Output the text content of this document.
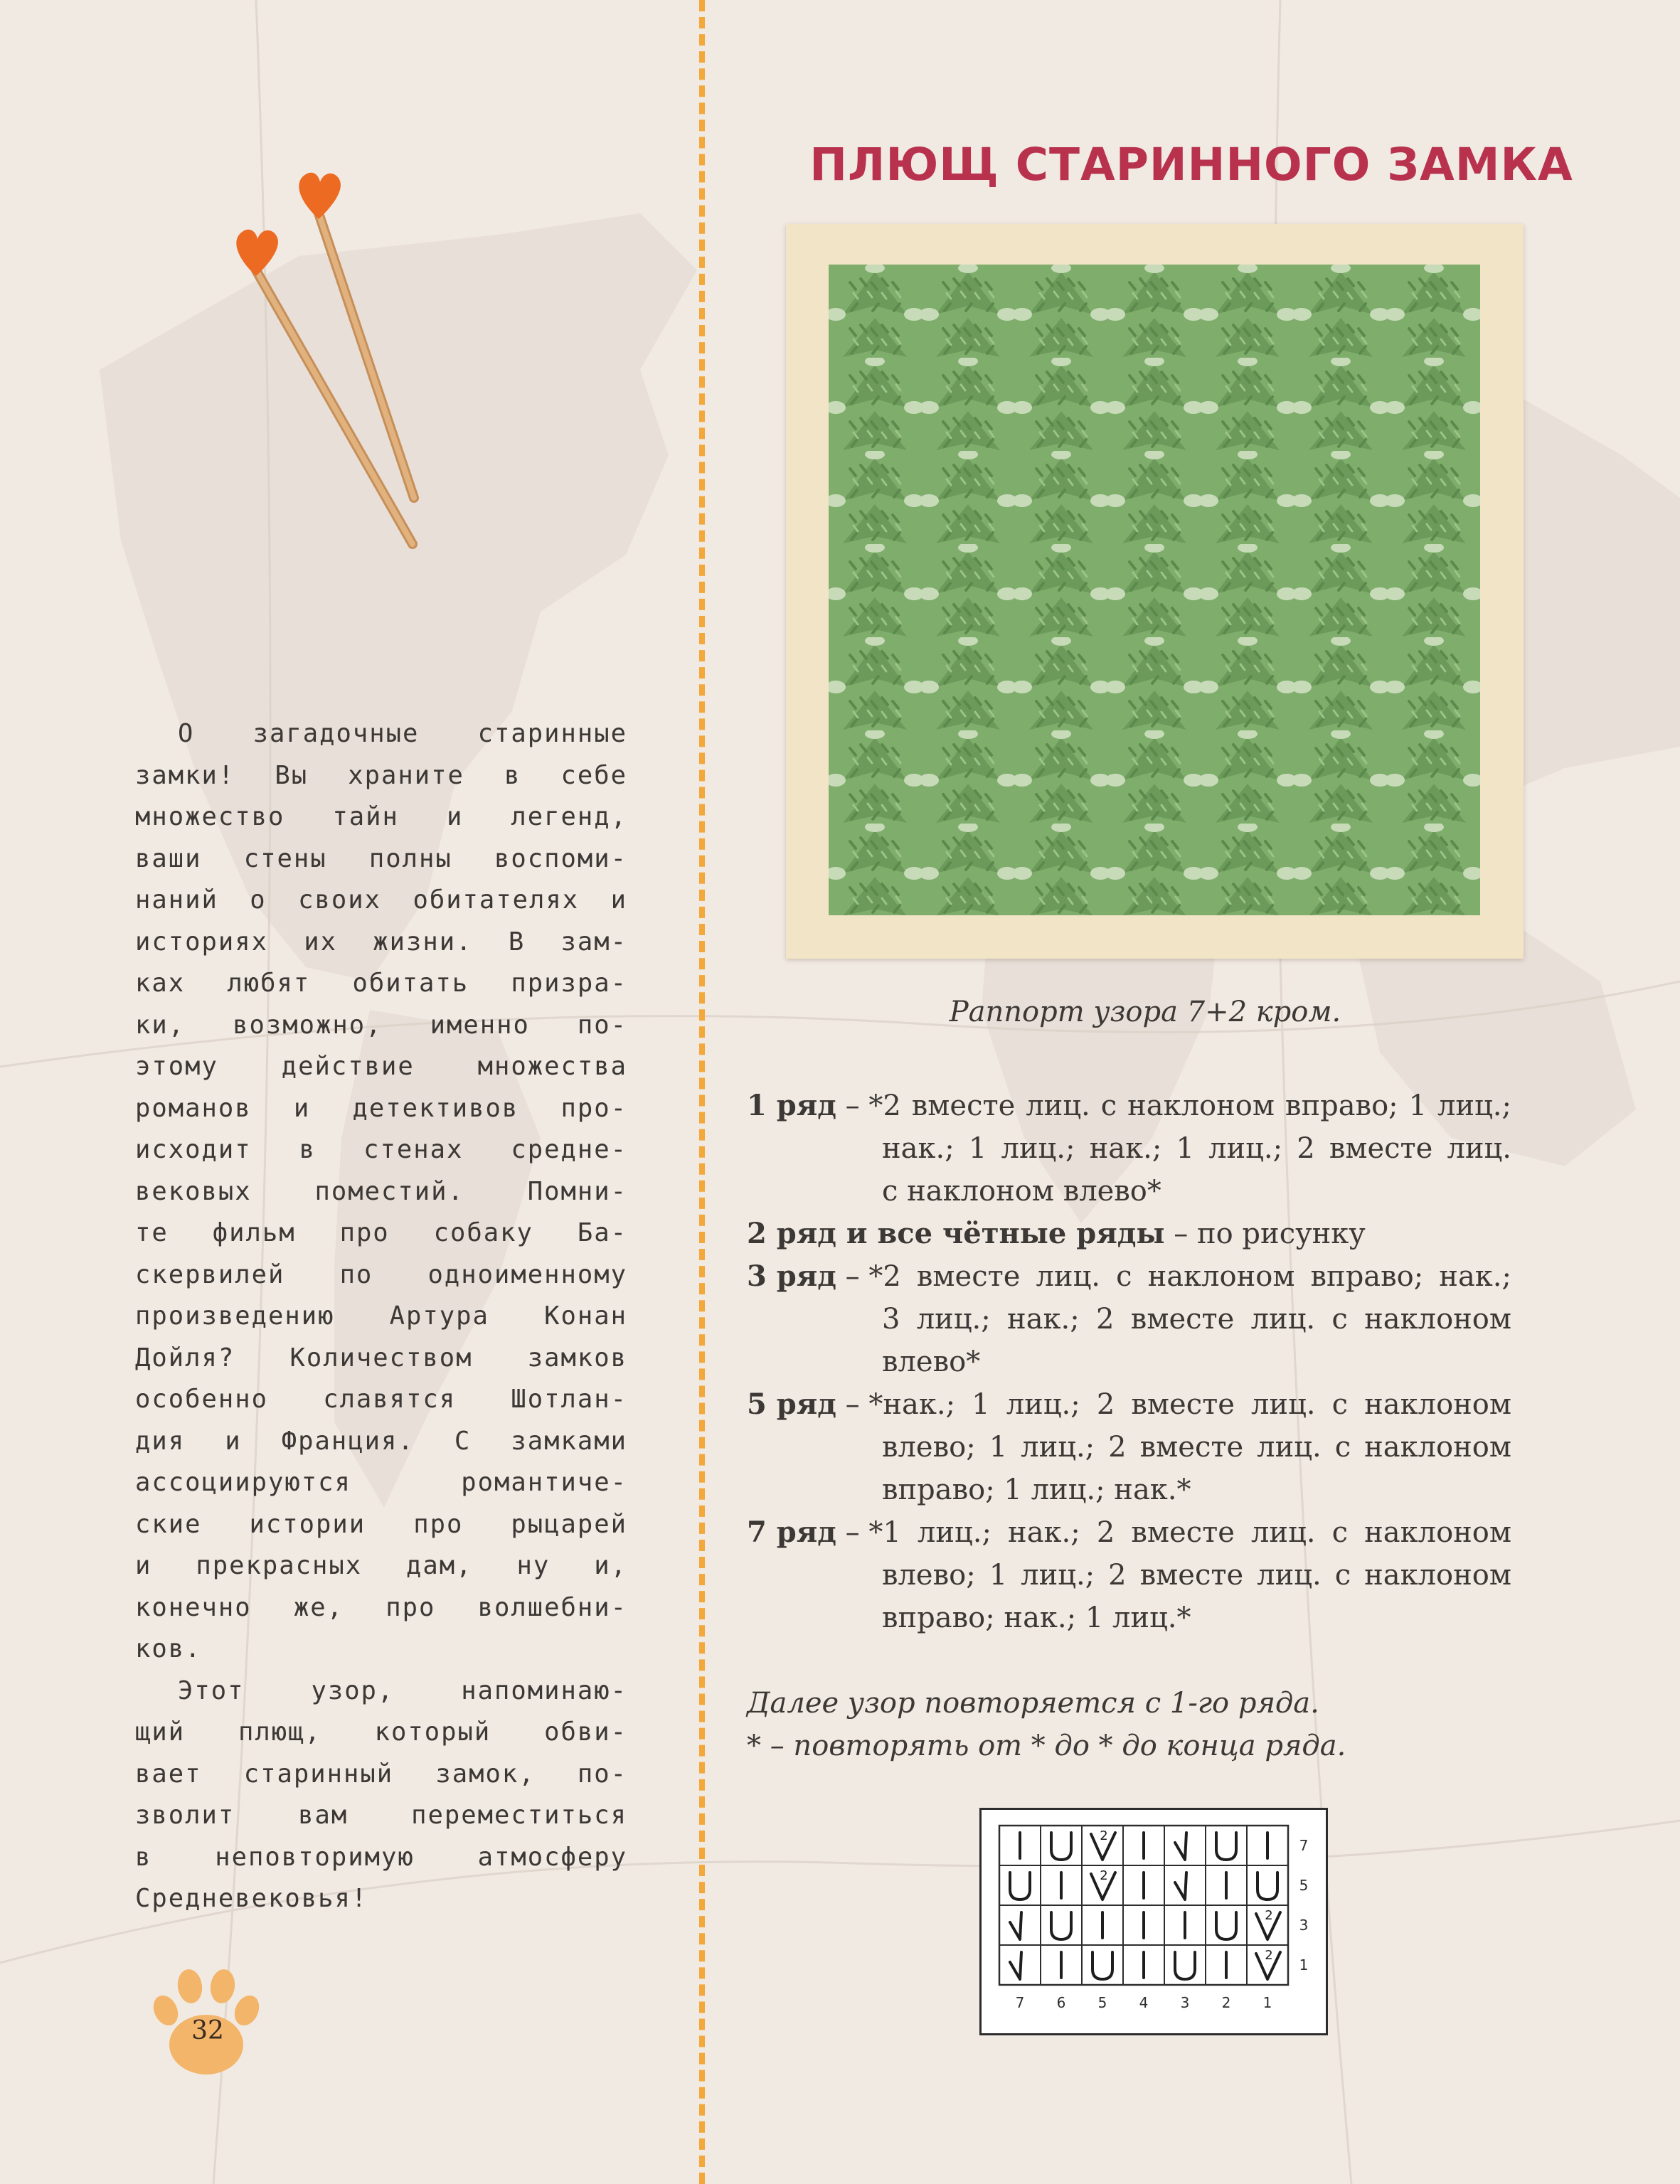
О загадочные старинные
замки! Вы храните в себе
множество тайн и легенд,
ваши стены полны воспоми-
наний о своих обитателях и
историях их жизни. В зам-
ках любят обитать призра-
ки, возможно, именно по-
этому действие множества
романов и детективов про-
исходит в стенах средне-
вековых поместий. Помни-
те фильм про собаку Ба-
скервилей по одноименному
произведению Артура Конан
Дойля? Количеством замков
особенно славятся Шотлан-
дия и Франция. С замками
ассоциируются романтиче-
ские истории про рыцарей
и прекрасных дам, ну и,
конечно же, про волшебни-
ков.
Этот узор, напоминаю-
щий плющ, который обви-
вает старинный замок, по-
зволит вам переместиться
в неповторимую атмосферу
Средневековья!
32
ПЛЮЩ СТАРИННОГО ЗАМКА
Раппорт узора 7+2 кром.
1 ряд – *2 вместе лиц. с наклоном вправо; 1 лиц.;
нак.; 1 лиц.; нак.; 1 лиц.; 2 вместе лиц.
с наклоном влево*
2 ряд и все чётные ряды – по рисунку
3 ряд – *2 вместе лиц. с наклоном вправо; нак.;
3 лиц.; нак.; 2 вместе лиц. с наклоном
влево*
5 ряд – *нак.; 1 лиц.; 2 вместе лиц. с наклоном
влево; 1 лиц.; 2 вместе лиц. с наклоном
вправо; 1 лиц.; нак.*
7 ряд – *1 лиц.; нак.; 2 вместе лиц. с наклоном
влево; 1 лиц.; 2 вместе лиц. с наклоном
вправо; нак.; 1 лиц.*
Далее узор повторяется с 1-го ряда.
* – повторять от * до * до конца ряда.
2
2
2
2
7
5
3
1
7 6 5 4 3 2 1
